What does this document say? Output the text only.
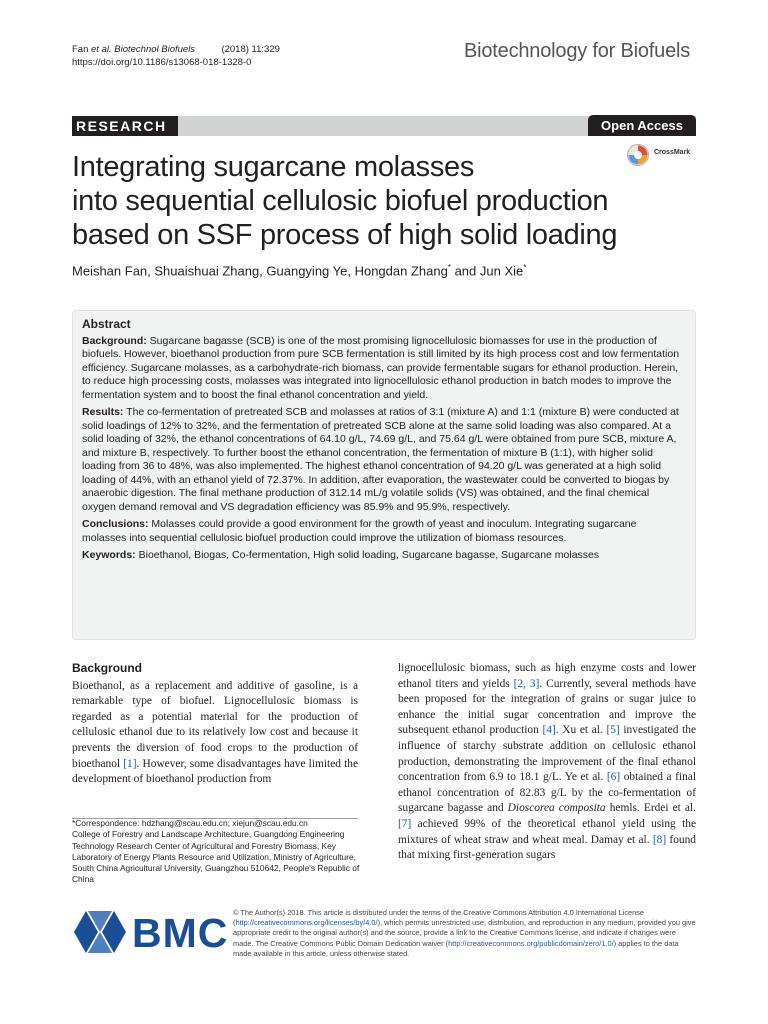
Fan et al. Biotechnol Biofuels          (2018) 11:329
https://doi.org/10.1186/s13068-018-1328-0
Biotechnology for Biofuels
RESEARCH	Open Access
CrossMark
Integrating sugarcane molasses
into sequential cellulosic biofuel production
based on SSF process of high solid loading
Meishan Fan, Shuaishuai Zhang, Guangying Ye, Hongdan Zhang* and Jun Xie*
Abstract

Background: Sugarcane bagasse (SCB) is one of the most promising lignocellulosic biomasses for use in the production of biofuels. However, bioethanol production from pure SCB fermentation is still limited by its high process cost and low fermentation efficiency. Sugarcane molasses, as a carbohydrate-rich biomass, can provide fermentable sugars for ethanol production. Herein, to reduce high processing costs, molasses was integrated into lignocellulosic ethanol production in batch modes to improve the fermentation system and to boost the final ethanol concentration and yield.

Results: The co-fermentation of pretreated SCB and molasses at ratios of 3:1 (mixture A) and 1:1 (mixture B) were conducted at solid loadings of 12% to 32%, and the fermentation of pretreated SCB alone at the same solid loading was also compared. At a solid loading of 32%, the ethanol concentrations of 64.10 g/L, 74.69 g/L, and 75.64 g/L were obtained from pure SCB, mixture A, and mixture B, respectively. To further boost the ethanol concentration, the fermentation of mixture B (1:1), with higher solid loading from 36 to 48%, was also implemented. The highest ethanol concentration of 94.20 g/L was generated at a high solid loading of 44%, with an ethanol yield of 72.37%. In addition, after evaporation, the wastewater could be converted to biogas by anaerobic digestion. The final methane production of 312.14 mL/g volatile solids (VS) was obtained, and the final chemical oxygen demand removal and VS degradation efficiency was 85.9% and 95.9%, respectively.

Conclusions: Molasses could provide a good environment for the growth of yeast and inoculum. Integrating sugarcane molasses into sequential cellulosic biofuel production could improve the utilization of biomass resources.

Keywords: Bioethanol, Biogas, Co-fermentation, High solid loading, Sugarcane bagasse, Sugarcane molasses

Background

Bioethanol, as a replacement and additive of gasoline, is a remarkable type of biofuel. Lignocellulosic biomass is regarded as a potential material for the production of cellulosic ethanol due to its relatively low cost and because it prevents the diversion of food crops to the production of bioethanol [1]. However, some disadvantages have limited the development of bioethanol production from

lignocellulosic biomass, such as high enzyme costs and lower ethanol titers and yields [2, 3]. Currently, several methods have been proposed for the integration of grains or sugar juice to enhance the initial sugar concentration and improve the subsequent ethanol production [4]. Xu et al. [5] investigated the influence of starchy substrate addition on cellulosic ethanol production, demonstrating the improvement of the final ethanol concentration from 6.9 to 18.1 g/L. Ye et al. [6] obtained a final ethanol concentration of 82.83 g/L by the co-fermentation of sugarcane bagasse and Dioscorea composita hemls. Erdei et al. [7] achieved 99% of the theoretical ethanol yield using the mixtures of wheat straw and wheat meal. Damay et al. [8] found that mixing first-generation sugars

*Correspondence: hdzhang@scau.edu.cn; xiejun@scau.edu.cn

College of Forestry and Landscape Architecture, Guangdong Engineering Technology Research Center of Agricultural and Forestry Biomass, Key Laboratory of Energy Plants Resource and Utilization, Ministry of Agriculture, South China Agricultural University, Guangzhou 510642, People's Republic of China

BMC © The Author(s) 2018. This article is distributed under the terms of the Creative Commons Attribution 4.0 International License (http://creativecommons.org/licenses/by/4.0/), which permits unrestricted use, distribution, and reproduction in any medium, provided you give appropriate credit to the original author(s) and the source, provide a link to the Creative Commons license, and indicate if changes were made. The Creative Commons Public Domain Dedication waiver (http://creativecommons.org/publicdomain/zero/1.0/) applies to the data made available in this article, unless otherwise stated.
